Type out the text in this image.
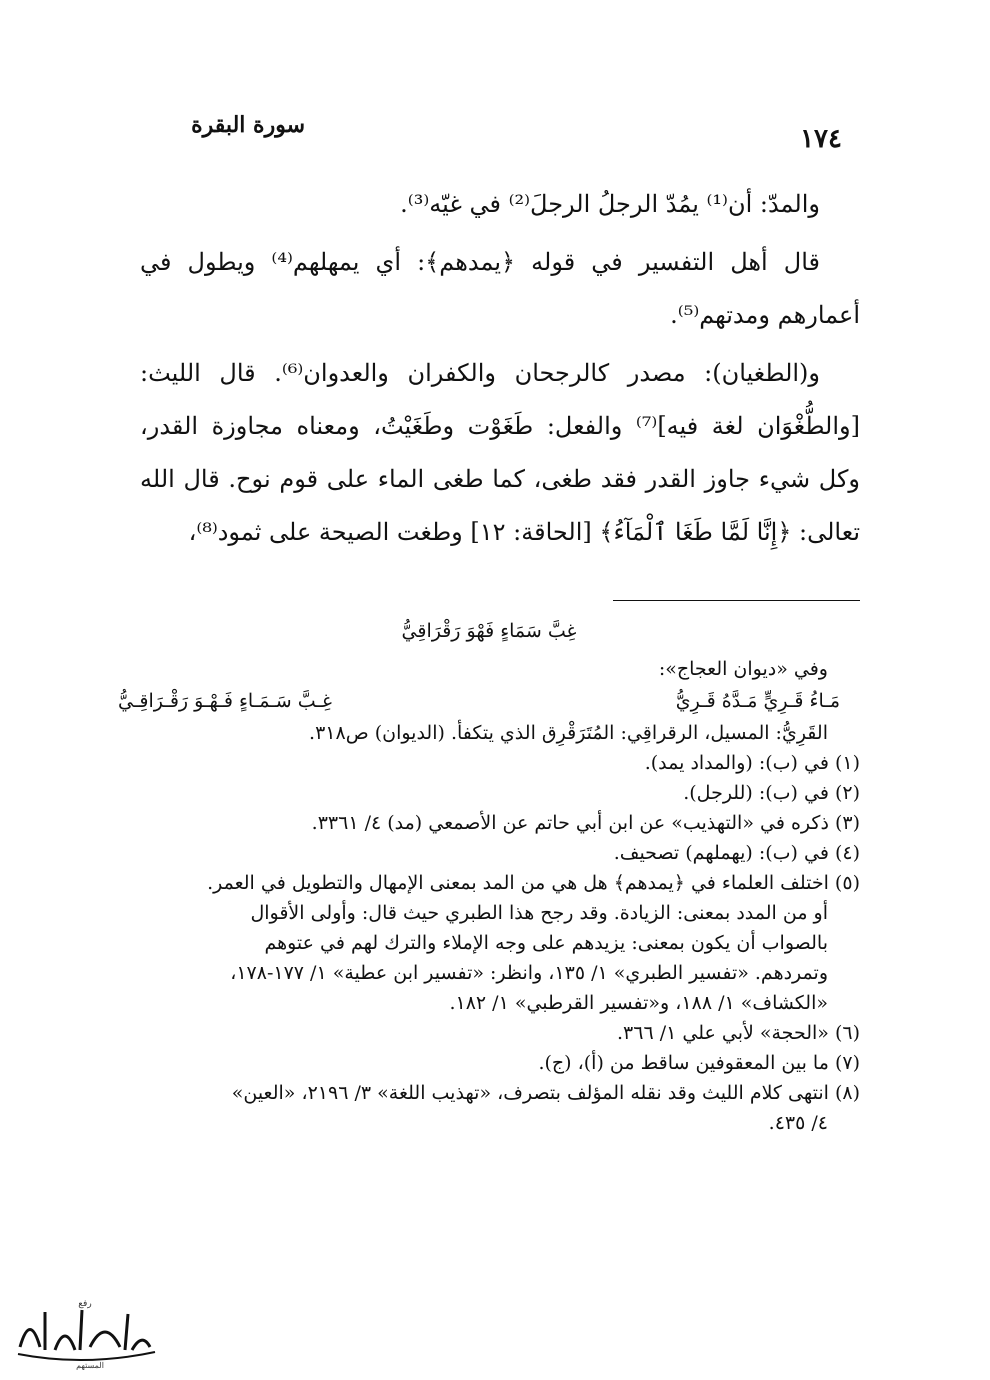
سورة البقرة	١٧٤

والمدّ: أن⁽¹⁾ يمُدّ الرجلُ الرجلَ⁽²⁾ في غيّه⁽³⁾.

قال أهل التفسير في قوله ﴿يمدهم﴾: أي يمهلهم⁽⁴⁾ ويطول في أعمارهم ومدتهم⁽⁵⁾.

و(الطغيان): مصدر كالرجحان والكفران والعدوان⁽⁶⁾. قال الليث: [والطُّغْوَان لغة فيه]⁽⁷⁾ والفعل: طَغَوْت وطَغَيْتُ، ومعناه مجاوزة القدر، وكل شيء جاوز القدر فقد طغى، كما طغى الماء على قوم نوح. قال الله تعالى: ﴿إِنَّا لَمَّا طَغَا ٱلْمَآءُ﴾ [الحاقة: ١٢] وطغت الصيحة على ثمود⁽⁸⁾،

غِبَّ سَمَاءٍ فَهْوَ رَقْرَاقِيُّ
وفي «ديوان العجاج»:
مَـاءُ قَـرِيٍّ مَـدَّهُ قَـرِيُّ
غِـبَّ سَـمَـاءٍ فَـهْـوَ رَقْـرَاقِـيُّ
القَرِيُّ: المسيل، الرقراقِي: المُتَرَقْرِق الذي يتكفأ. (الديوان) ص٣١٨.
(١) في (ب): (والمداد يمد).
(٢) في (ب): (للرجل).
(٣) ذكره في «التهذيب» عن ابن أبي حاتم عن الأصمعي (مد) ٤/ ٣٣٦١.
(٤) في (ب): (يهملهم) تصحيف.
(٥) اختلف العلماء في ﴿يمدهم﴾ هل هي من المد بمعنى الإمهال والتطويل في العمر.
أو من المدد بمعنى: الزيادة. وقد رجح هذا الطبري حيث قال: وأولى الأقوال
بالصواب أن يكون بمعنى: يزيدهم على وجه الإملاء والترك لهم في عتوهم
وتمردهم. «تفسير الطبري» ١/ ١٣٥، وانظر: «تفسير ابن عطية» ١/ ١٧٧-١٧٨،
«الكشاف» ١/ ١٨٨، و«تفسير القرطبي» ١/ ١٨٢.
(٦) «الحجة» لأبي علي ١/ ٣٦٦.
(٧) ما بين المعقوفين ساقط من (أ)، (ج).
(٨) انتهى كلام الليث وقد نقله المؤلف بتصرف، «تهذيب اللغة» ٣/ ٢١٩٦، «العين»
٤/ ٤٣٥.
رفع
المستهم
